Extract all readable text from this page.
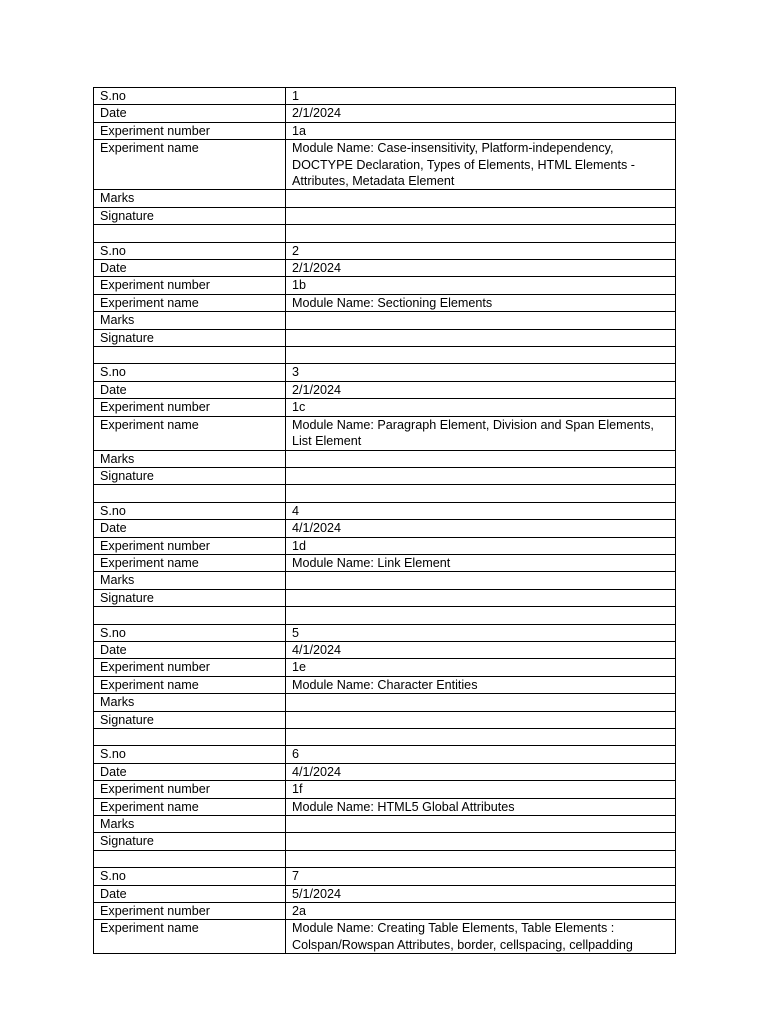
S.no	1
Date	2/1/2024
Experiment number	1a
Experiment name	Module Name: Case-insensitivity, Platform-independency,
DOCTYPE Declaration, Types of Elements, HTML Elements -
Attributes, Metadata Element

Marks	
Signature	

S.no	2
Date	2/1/2024
Experiment number	1b
Experiment name	Module Name: Sectioning Elements

Marks	
Signature	

S.no	3
Date	2/1/2024
Experiment number	1c
Experiment name	Module Name: Paragraph Element, Division and Span Elements,
List Element

Marks	
Signature	

S.no	4
Date	4/1/2024
Experiment number	1d
Experiment name	Module Name: Link Element

Marks	
Signature	

S.no	5
Date	4/1/2024
Experiment number	1e
Experiment name	Module Name: Character Entities

Marks	
Signature	

S.no	6
Date	4/1/2024
Experiment number	1f
Experiment name	Module Name: HTML5 Global Attributes

Marks	
Signature	

S.no	7
Date	5/1/2024
Experiment number	2a
Experiment name	Module Name: Creating Table Elements, Table Elements :
Colspan/Rowspan Attributes, border, cellspacing, cellpadding
